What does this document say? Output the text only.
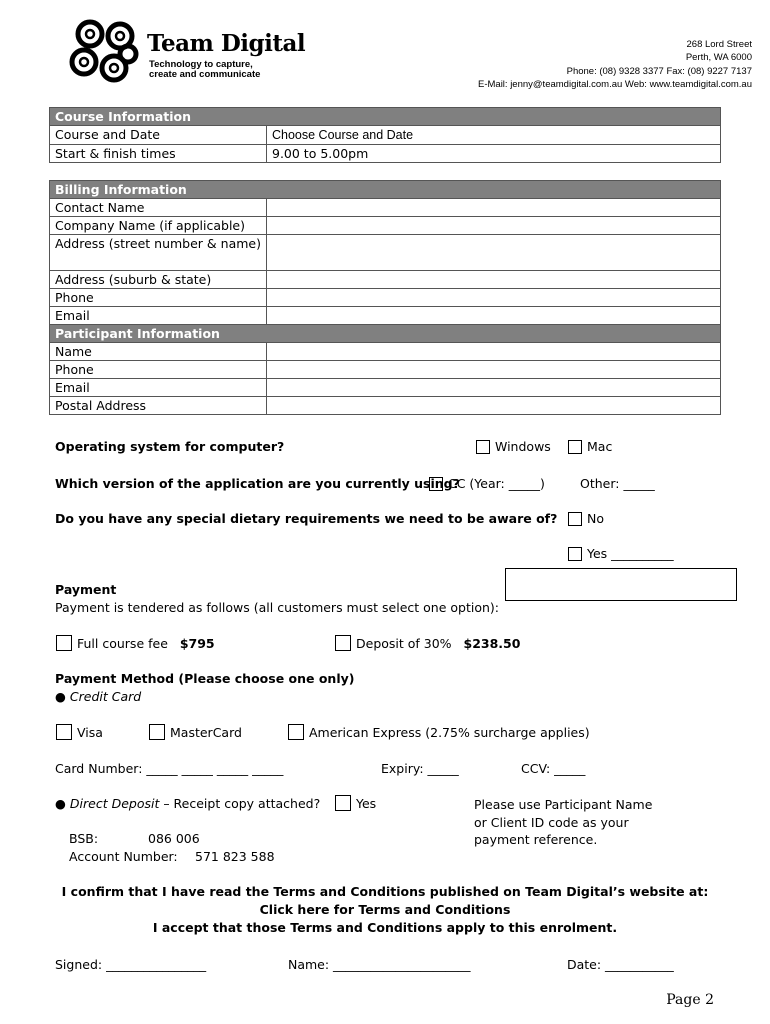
Team Digital
Technology to capture,
create and communicate
268 Lord Street
Perth, WA 6000
Phone: (08) 9328 3377 Fax: (08) 9227 7137
E-Mail: jenny@teamdigital.com.au Web: www.teamdigital.com.au
Course Information	
Course and Date	Choose Course and Date
Start & finish times	9.00 to 5.00pm
Billing Information	
Contact Name	
Company Name (if applicable)	
Address (street number & name)	
Address (suburb & state)	
Phone	
Email	
Participant Information	
Name	
Phone	
Email	
Postal Address	
Operating system for computer?	Windows	Mac
Which version of the application are you currently using?
CC (Year: _____)	Other: _____
Do you have any special dietary requirements we need to be aware of?	No
Yes __________
Payment
Payment is tendered as follows (all customers must select one option):
Full course fee $795	Deposit of 30% $238.50
Payment Method (Please choose one only)
● Credit Card
Visa	MasterCard	American Express (2.75% surcharge applies)
Card Number: _____ _____ _____ _____	Expiry: _____	CCV: _____
● Direct Deposit – Receipt copy attached?	Yes	Please use Participant Name
or Client ID code as your
payment reference.
BSB:	086 006
Account Number: 571 823 588
I confirm that I have read the Terms and Conditions published on Team Digital’s website at:
Click here for Terms and Conditions
I accept that those Terms and Conditions apply to this enrolment.
Signed: ________________	Name: ______________________	Date: ___________
Page 2
